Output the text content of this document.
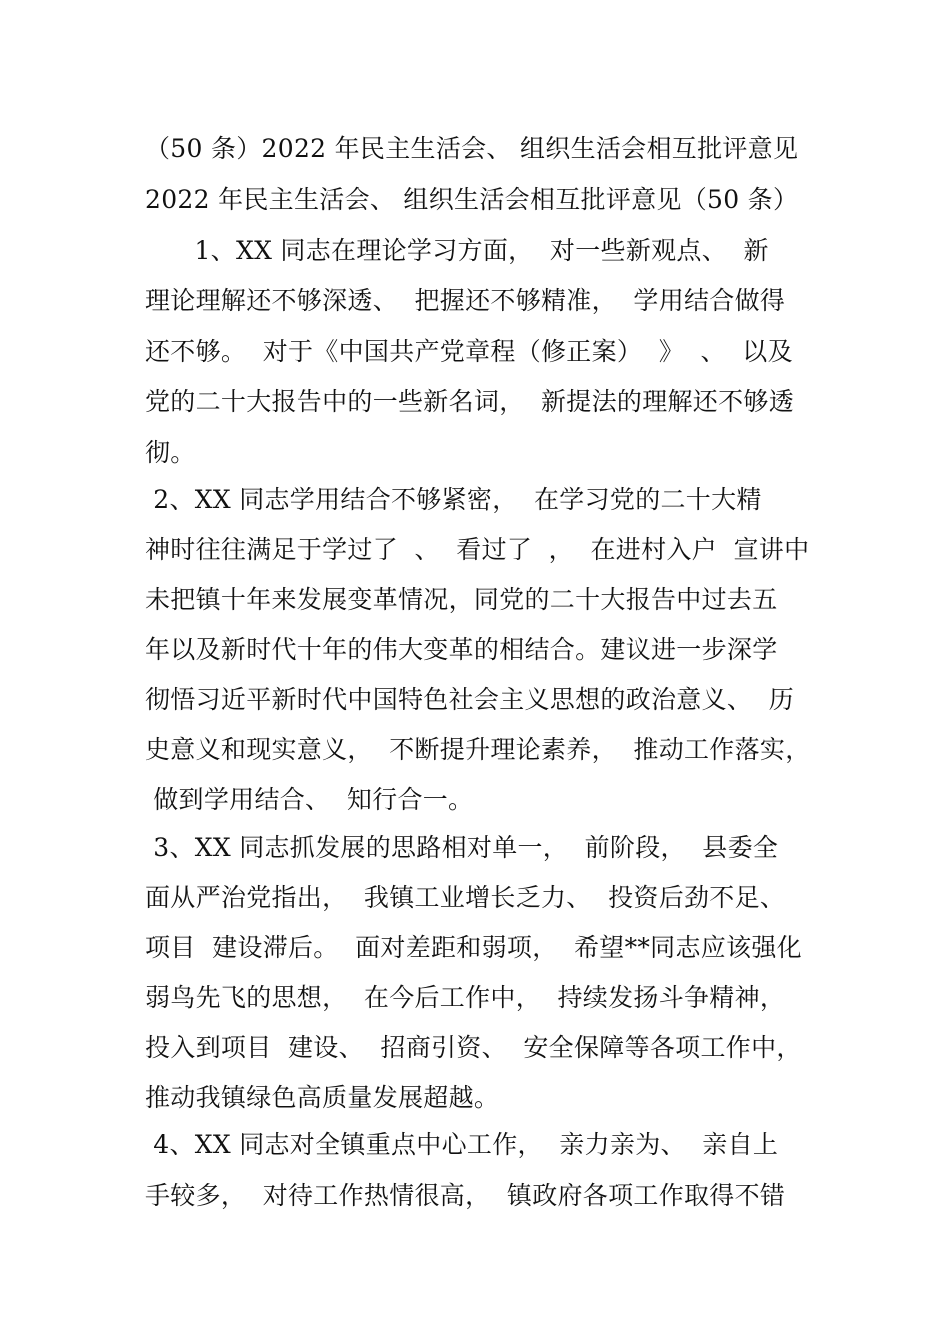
（50 条）2022 年民主生活会、 组织生活会相互批评意见
2022 年民主生活会、 组织生活会相互批评意见（50 条）
1、XX 同志在理论学习方面，  对一些新观点、  新
理论理解还不够深透、  把握还不够精准，  学用结合做得
还不够。  对于《中国共产党章程（修正案）  》  、  以及
党的二十大报告中的一些新名词，  新提法的理解还不够透
彻。
2、XX 同志学用结合不够紧密，  在学习党的二十大精
神时往往满足于学过了  、  看过了  ，  在进村入户  宣讲中
未把镇十年来发展变革情况，同党的二十大报告中过去五
年以及新时代十年的伟大变革的相结合。建议进一步深学
彻悟习近平新时代中国特色社会主义思想的政治意义、  历
史意义和现实意义，  不断提升理论素养，  推动工作落实，
做到学用结合、  知行合一。
3、XX 同志抓发展的思路相对单一，  前阶段，  县委全
面从严治党指出，  我镇工业增长乏力、  投资后劲不足、
项目  建设滞后。  面对差距和弱项，  希望**同志应该强化
弱鸟先飞的思想，  在今后工作中，  持续发扬斗争精神，
投入到项目  建设、  招商引资、  安全保障等各项工作中，
推动我镇绿色高质量发展超越。
4、XX 同志对全镇重点中心工作，  亲力亲为、  亲自上
手较多，  对待工作热情很高，  镇政府各项工作取得不错
